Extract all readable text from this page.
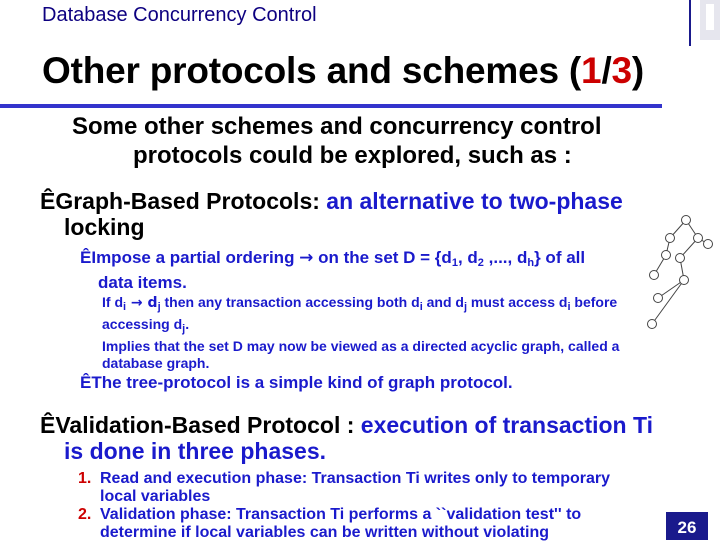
Database Concurrency Control
Other protocols and schemes (1/3)
Some other schemes and concurrency control
protocols could be explored, such as :
ÊGraph-Based Protocols: an alternative to two-phase
locking
ÊImpose a partial ordering → on the set D = {d1, d2 ,..., dh} of all
data items.
If $d_i \to d_j$ then any transaction accessing both $d_i$ and $d_j$ must access $d_i$ before
accessing $d_j$.
Implies that the set D may now be viewed as a directed acyclic graph, called a
database graph.
ÊThe tree-protocol is a simple kind of graph protocol.
ÊValidation-Based Protocol : execution of transaction Ti
is done in three phases.
1. Read and execution phase: Transaction Ti writes only to temporary
local variables
2. Validation phase: Transaction Ti performs a ``validation test'' to
determine if local variables can be written without violating	26
